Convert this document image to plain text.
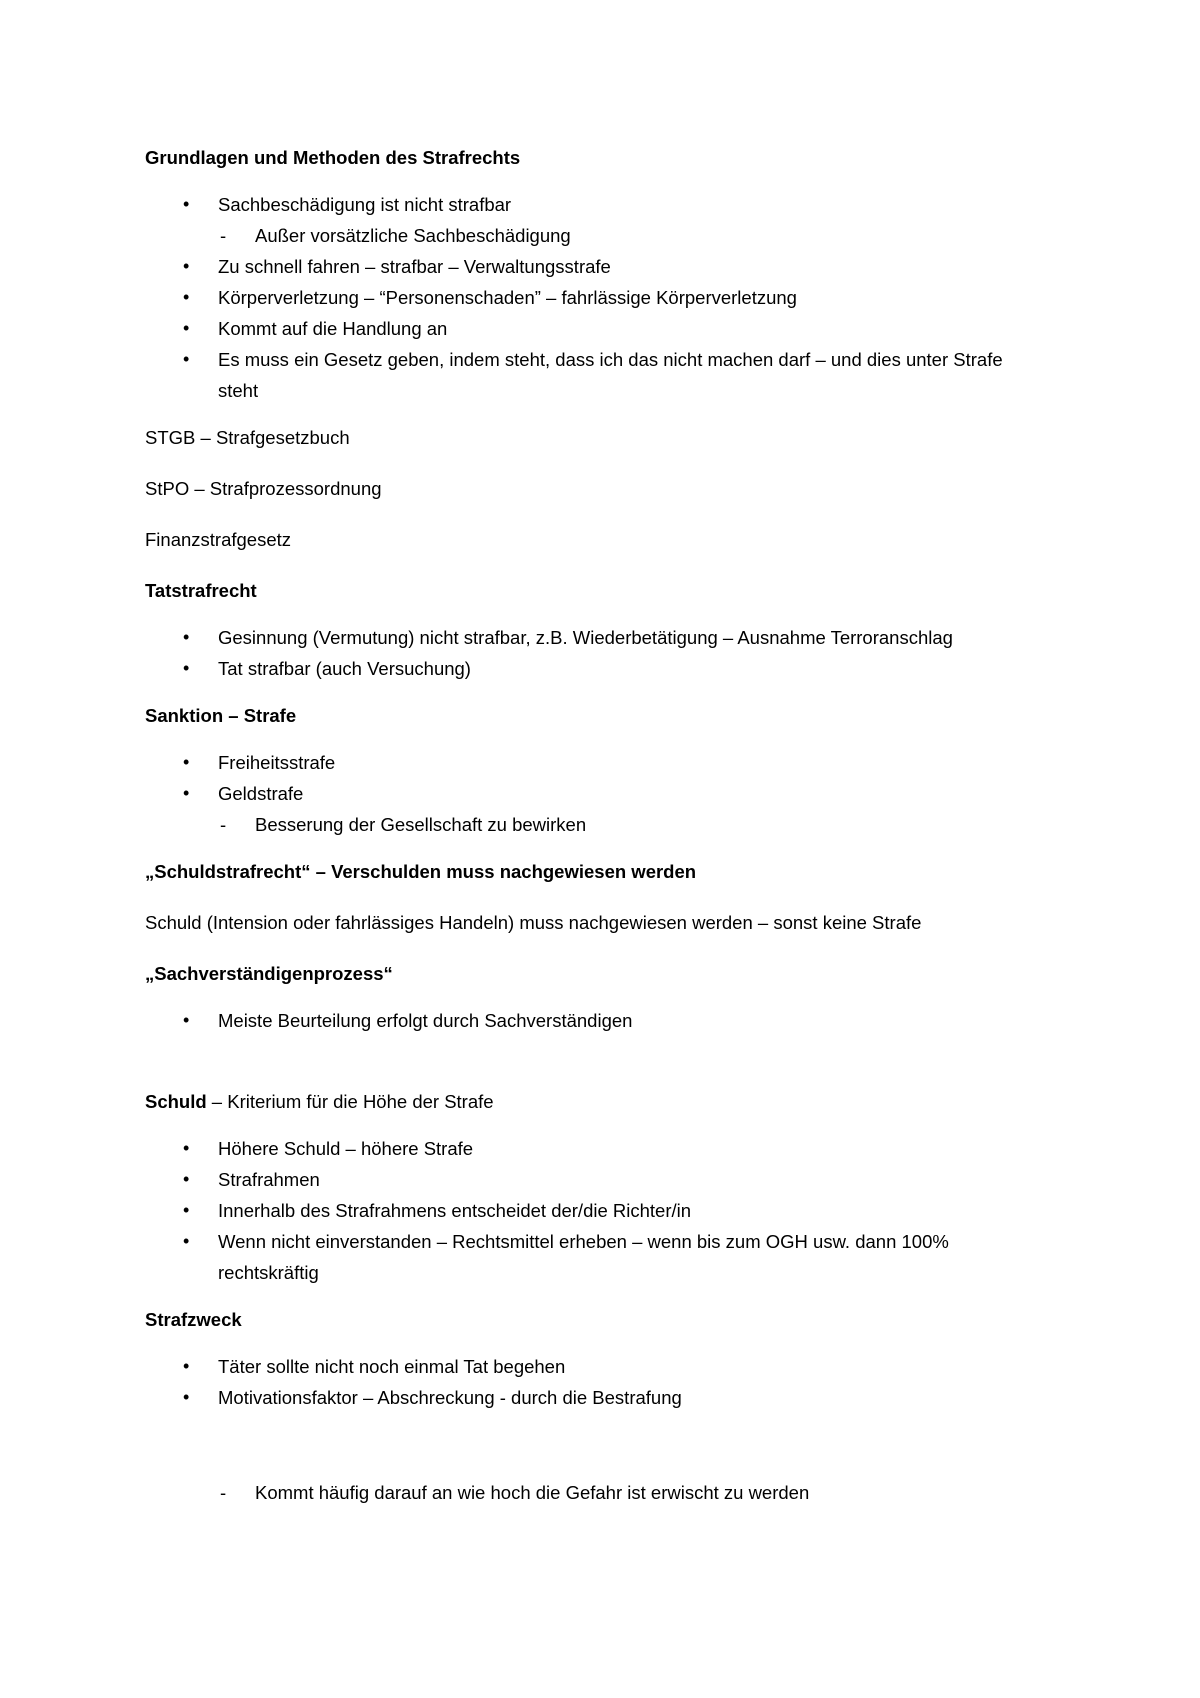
Grundlagen und Methoden des Strafrechts

• Sachbeschädigung ist nicht strafbar
- Außer vorsätzliche Sachbeschädigung
• Zu schnell fahren – strafbar – Verwaltungsstrafe
• Körperverletzung – “Personenschaden” – fahrlässige Körperverletzung
• Kommt auf die Handlung an
• Es muss ein Gesetz geben, indem steht, dass ich das nicht machen darf – und dies unter Strafe steht

STGB – Strafgesetzbuch

StPO – Strafprozessordnung

Finanzstrafgesetz

Tatstrafrecht

• Gesinnung (Vermutung) nicht strafbar, z.B. Wiederbetätigung – Ausnahme Terroranschlag
• Tat strafbar (auch Versuchung)

Sanktion – Strafe

• Freiheitsstrafe
• Geldstrafe
- Besserung der Gesellschaft zu bewirken

„Schuldstrafrecht“ – Verschulden muss nachgewiesen werden

Schuld (Intension oder fahrlässiges Handeln) muss nachgewiesen werden – sonst keine Strafe

„Sachverständigenprozess“

• Meiste Beurteilung erfolgt durch Sachverständigen

Schuld – Kriterium für die Höhe der Strafe

• Höhere Schuld – höhere Strafe
• Strafrahmen
• Innerhalb des Strafrahmens entscheidet der/die Richter/in
• Wenn nicht einverstanden – Rechtsmittel erheben – wenn bis zum OGH usw. dann 100% rechtskräftig

Strafzweck

• Täter sollte nicht noch einmal Tat begehen
• Motivationsfaktor – Abschreckung - durch die Bestrafung
- Kommt häufig darauf an wie hoch die Gefahr ist erwischt zu werden
